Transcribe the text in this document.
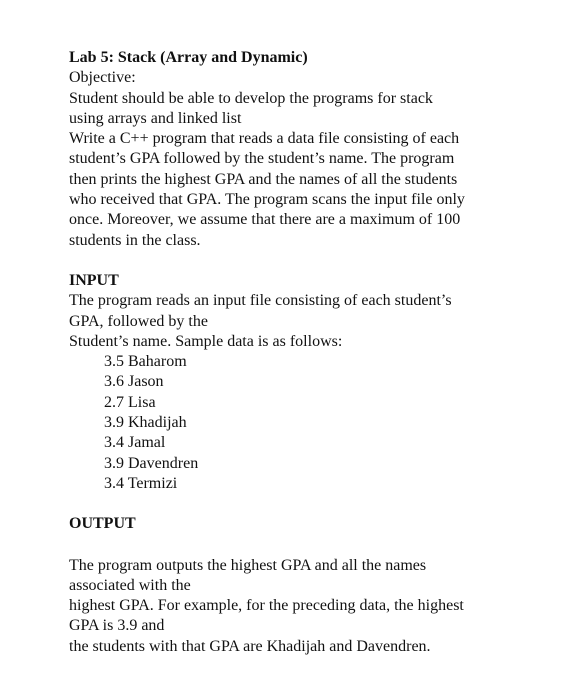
Lab 5: Stack (Array and Dynamic)
Objective:
Student should be able to develop the programs for stack
using arrays and linked list
Write a C++ program that reads a data file consisting of each
student’s GPA followed by the student’s name. The program
then prints the highest GPA and the names of all the students
who received that GPA. The program scans the input file only
once. Moreover, we assume that there are a maximum of 100
students in the class.
INPUT
The program reads an input file consisting of each student’s
GPA, followed by the
Student’s name. Sample data is as follows:
3.5 Baharom
3.6 Jason
2.7 Lisa
3.9 Khadijah
3.4 Jamal
3.9 Davendren
3.4 Termizi
OUTPUT
The program outputs the highest GPA and all the names
associated with the
highest GPA. For example, for the preceding data, the highest
GPA is 3.9 and
the students with that GPA are Khadijah and Davendren.
